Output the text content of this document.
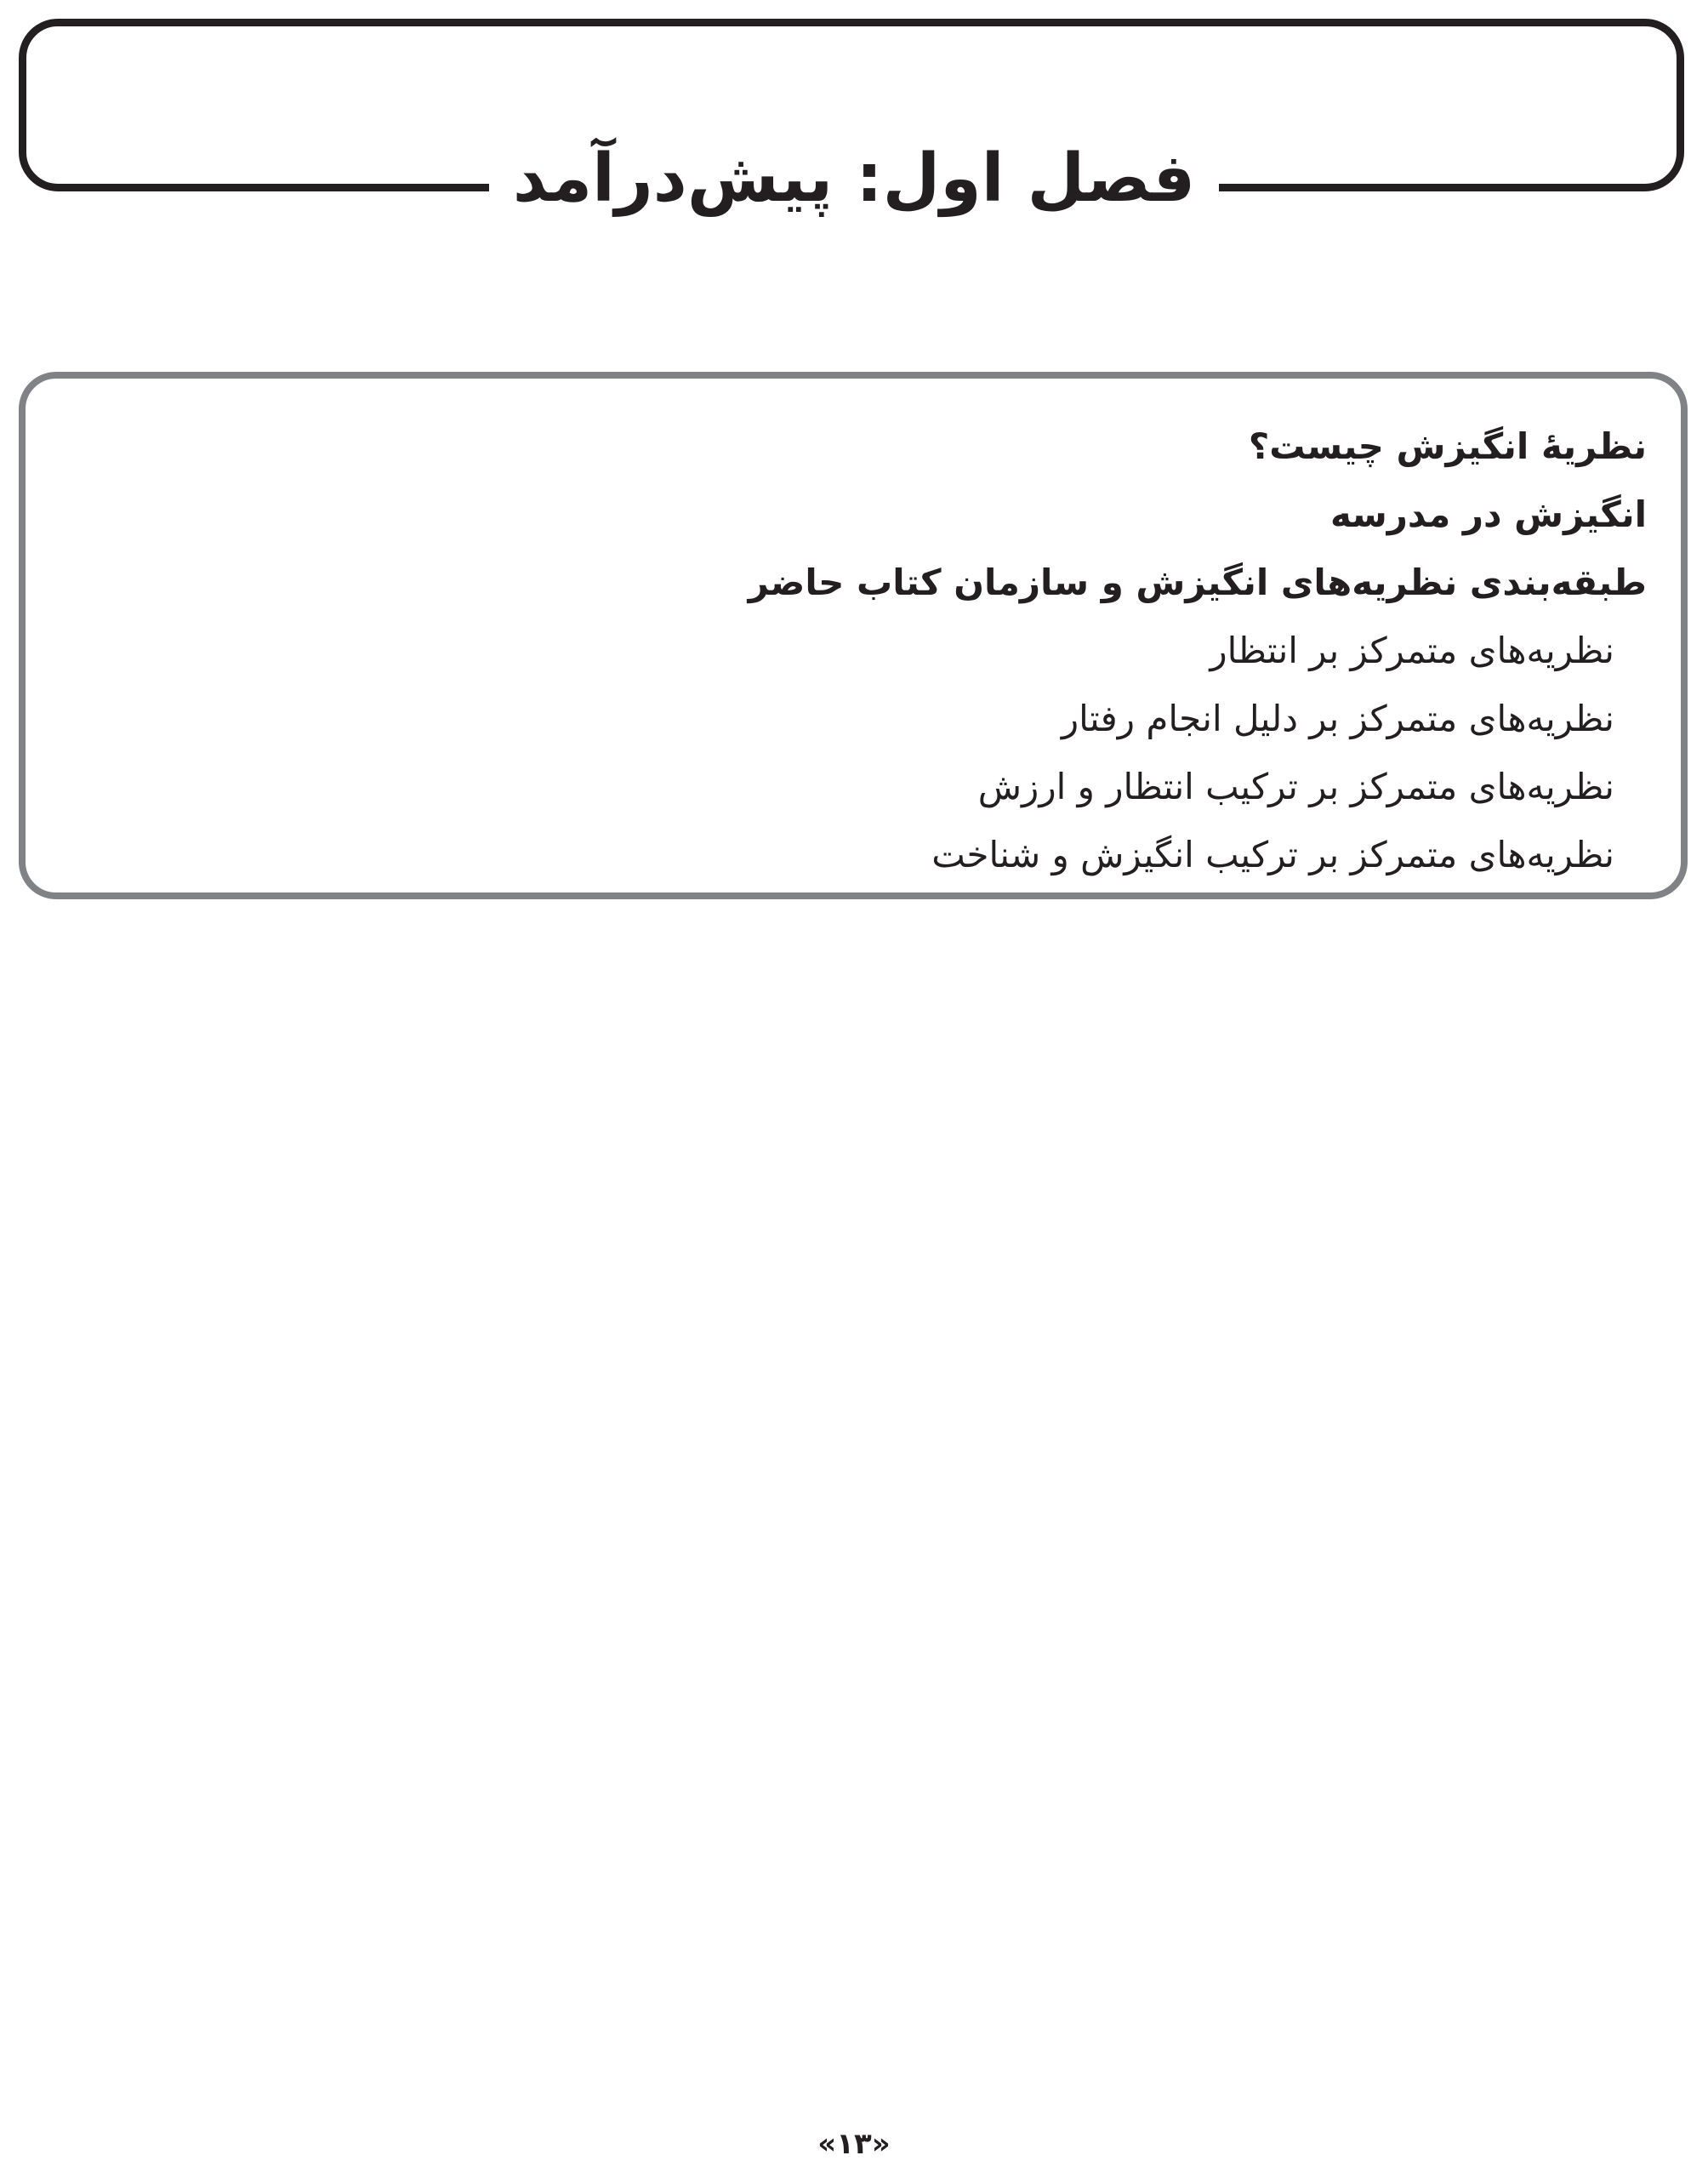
فصل اول: پیش‌درآمد
نظریهٔ انگیزش چیست؟
انگیزش در مدرسه
طبقه‌بندی نظریه‌های انگیزش و سازمان کتاب حاضر
نظریه‌های متمرکز بر انتظار
نظریه‌های متمرکز بر دلیل انجام رفتار
نظریه‌های متمرکز بر ترکیب انتظار و ارزش
نظریه‌های متمرکز بر ترکیب انگیزش و شناخت
«۱۳»
